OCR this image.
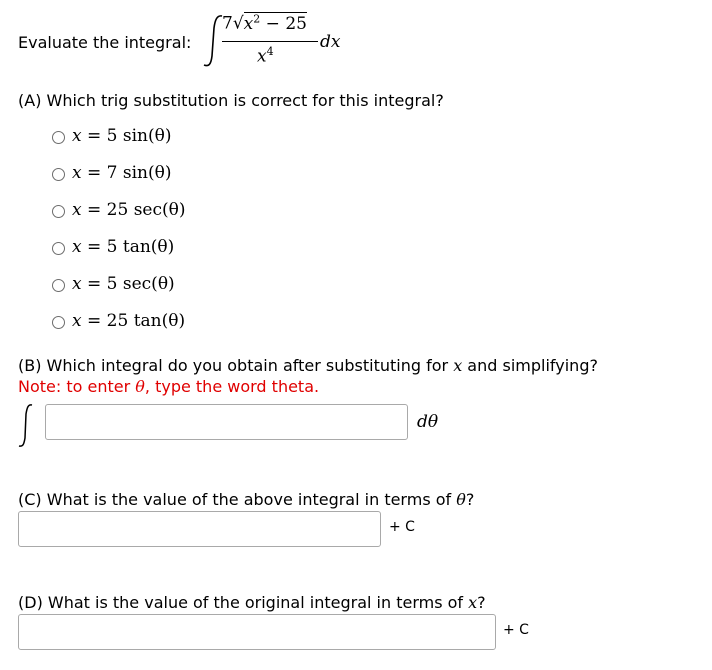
Evaluate the integral:
$7√x^2 - 25$
$x^4$	dx
(A) Which trig substitution is correct for this integral?
x = 5 sin(θ)
x = 7 sin(θ)
x = 25 sec(θ)
x = 5 tan(θ)
x = 5 sec(θ)
x = 25 tan(θ)
(B) Which integral do you obtain after substituting for x and simplifying?
Note: to enter θ, type the word theta.
dθ
(C) What is the value of the above integral in terms of θ?
+ C
(D) What is the value of the original integral in terms of x?
+ C
